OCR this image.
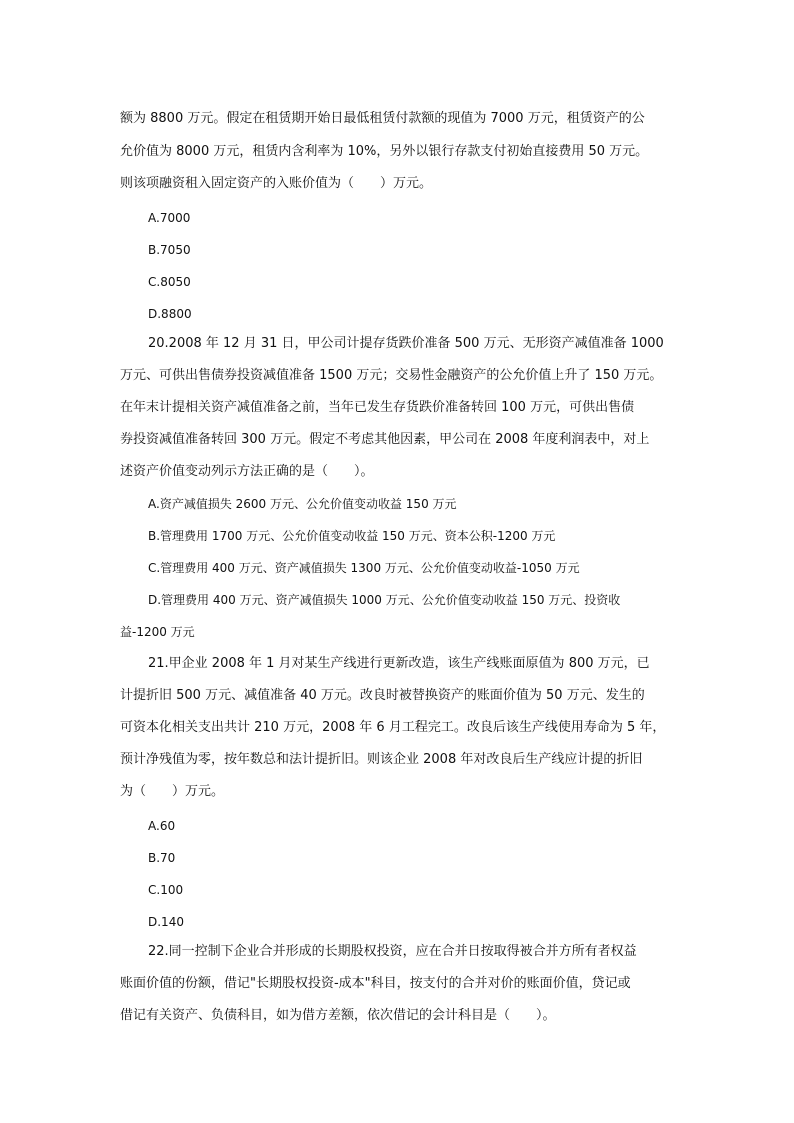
额为 8800 万元。假定在租赁期开始日最低租赁付款额的现值为 7000 万元，租赁资产的公
允价值为 8000 万元，租赁内含利率为 10%，另外以银行存款支付初始直接费用 50 万元。
则该项融资租入固定资产的入账价值为（　　）万元。
A.7000
B.7050
C.8050
D.8800
20.2008 年 12 月 31 日，甲公司计提存货跌价准备 500 万元、无形资产减值准备 1000
万元、可供出售债券投资减值准备 1500 万元；交易性金融资产的公允价值上升了 150 万元。
在年末计提相关资产减值准备之前，当年已发生存货跌价准备转回 100 万元，可供出售债
券投资减值准备转回 300 万元。假定不考虑其他因素，甲公司在 2008 年度利润表中，对上
述资产价值变动列示方法正确的是（　　）。
A.资产减值损失 2600 万元、公允价值变动收益 150 万元
B.管理费用 1700 万元、公允价值变动收益 150 万元、资本公积-1200 万元
C.管理费用 400 万元、资产减值损失 1300 万元、公允价值变动收益-1050 万元
D.管理费用 400 万元、资产减值损失 1000 万元、公允价值变动收益 150 万元、投资收
益-1200 万元
21.甲企业 2008 年 1 月对某生产线进行更新改造，该生产线账面原值为 800 万元，已
计提折旧 500 万元、减值准备 40 万元。改良时被替换资产的账面价值为 50 万元、发生的
可资本化相关支出共计 210 万元，2008 年 6 月工程完工。改良后该生产线使用寿命为 5 年，
预计净残值为零，按年数总和法计提折旧。则该企业 2008 年对改良后生产线应计提的折旧
为（　　）万元。
A.60
B.70
C.100
D.140
22.同一控制下企业合并形成的长期股权投资，应在合并日按取得被合并方所有者权益
账面价值的份额，借记"长期股权投资-成本"科目，按支付的合并对价的账面价值，贷记或
借记有关资产、负债科目，如为借方差额，依次借记的会计科目是（　　）。
